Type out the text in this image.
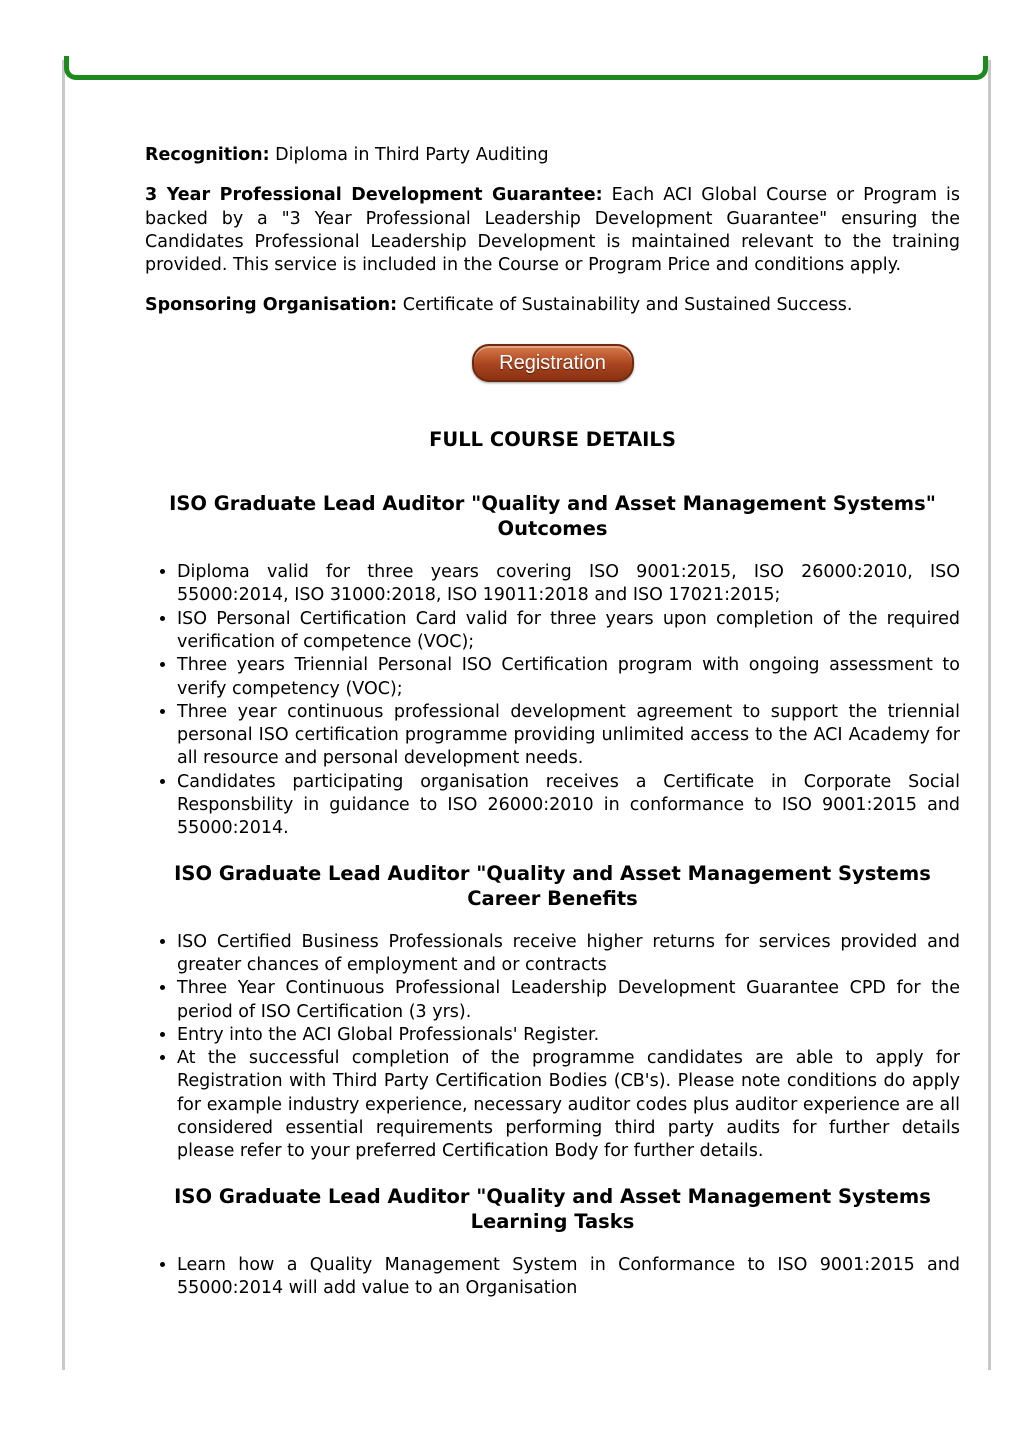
Recognition: Diploma in Third Party Auditing

3 Year Professional Development Guarantee: Each ACI Global Course or Program is backed by a "3 Year Professional Leadership Development Guarantee" ensuring the Candidates Professional Leadership Development is maintained relevant to the training provided. This service is included in the Course or Program Price and conditions apply.

Sponsoring Organisation: Certificate of Sustainability and Sustained Success.

Registration
FULL COURSE DETAILS
ISO Graduate Lead Auditor "Quality and Asset Management Systems" Outcomes
• Diploma valid for three years covering ISO 9001:2015, ISO 26000:2010, ISO 55000:2014, ISO 31000:2018, ISO 19011:2018 and ISO 17021:2015;
• ISO Personal Certification Card valid for three years upon completion of the required verification of competence (VOC);
• Three years Triennial Personal ISO Certification program with ongoing assessment to verify competency (VOC);
• Three year continuous professional development agreement to support the triennial personal ISO certification programme providing unlimited access to the ACI Academy for all resource and personal development needs.
• Candidates participating organisation receives a Certificate in Corporate Social Responsbility in guidance to ISO 26000:2010 in conformance to ISO 9001:2015 and 55000:2014.
ISO Graduate Lead Auditor "Quality and Asset Management Systems Career Benefits
• ISO Certified Business Professionals receive higher returns for services provided and greater chances of employment and or contracts
• Three Year Continuous Professional Leadership Development Guarantee CPD for the period of ISO Certification (3 yrs).
• Entry into the ACI Global Professionals' Register.
• At the successful completion of the programme candidates are able to apply for Registration with Third Party Certification Bodies (CB's). Please note conditions do apply for example industry experience, necessary auditor codes plus auditor experience are all considered essential requirements performing third party audits for further details please refer to your preferred Certification Body for further details.
ISO Graduate Lead Auditor "Quality and Asset Management Systems Learning Tasks
• Learn how a Quality Management System in Conformance to ISO 9001:2015 and 55000:2014 will add value to an Organisation
